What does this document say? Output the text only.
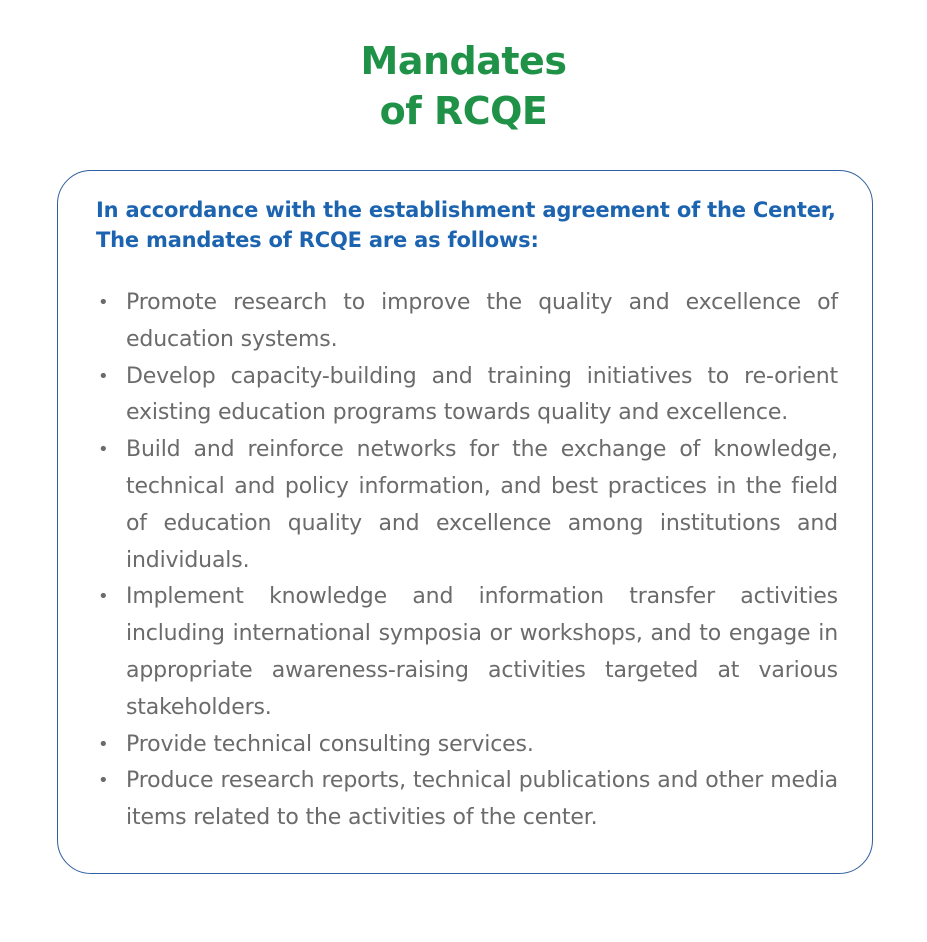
Mandates
of RCQE
In accordance with the establishment agreement of the Center,
The mandates of RCQE are as follows:
• Promote research to improve the quality and excellence of education systems.
• Develop capacity-building and training initiatives to re-orient existing education programs towards quality and excellence.
• Build and reinforce networks for the exchange of knowledge, technical and policy information, and best practices in the field of education quality and excellence among institutions and individuals.
• Implement knowledge and information transfer activities including international symposia or workshops, and to engage in appropriate awareness-raising activities targeted at various stakeholders.
• Provide technical consulting services.
• Produce research reports, technical publications and other media items related to the activities of the center.
